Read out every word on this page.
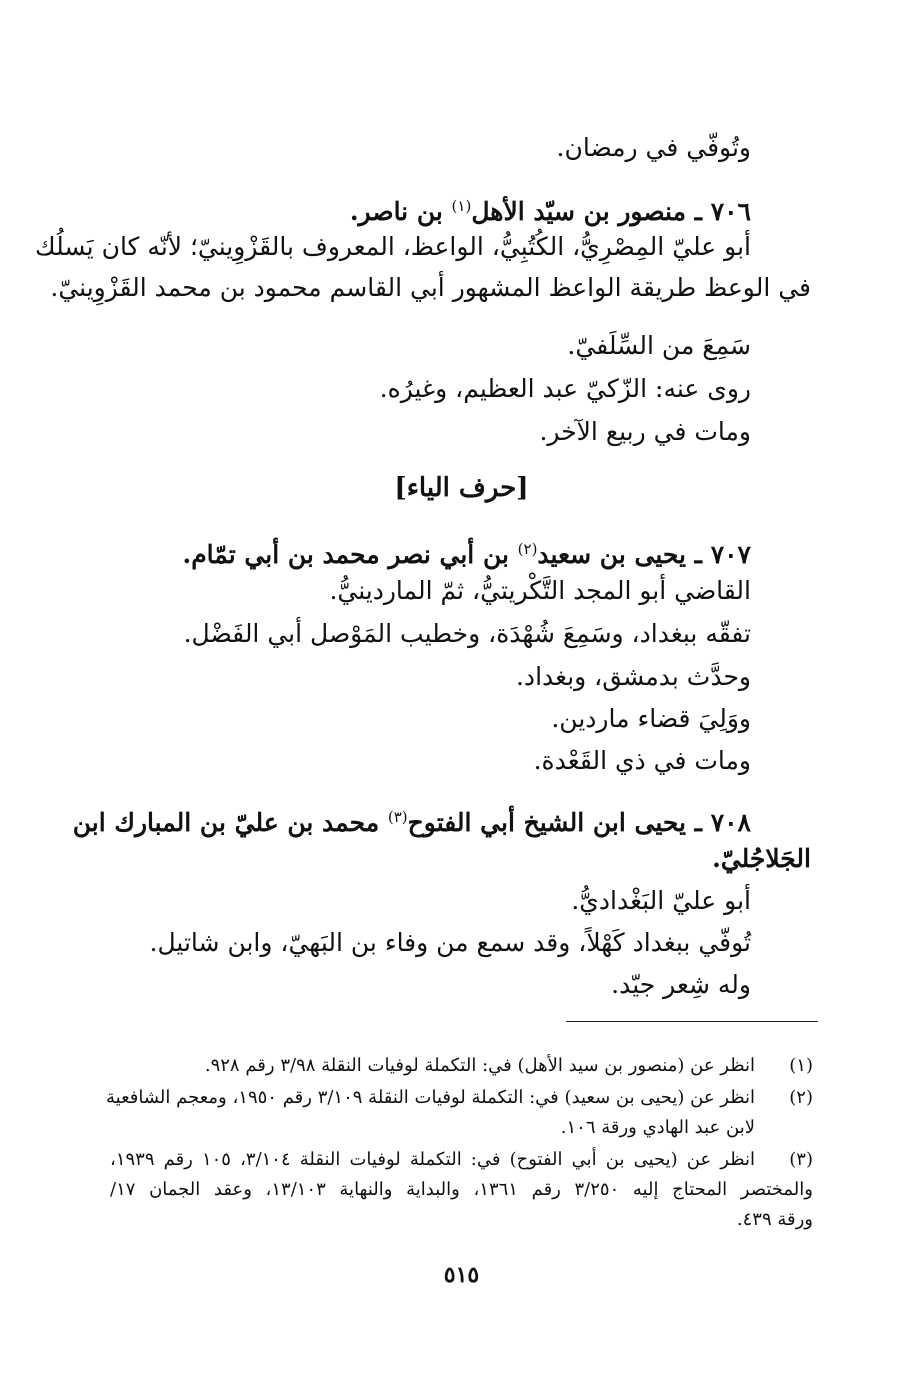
وتُوفّي في رمضان.
٧٠٦ ـ منصور بن سيّد الأهل$^{(١)}$ بن ناصر.
أبو عليّ المِصْرِيُّ، الكُتُبِيُّ، الواعظ، المعروف بالقَزْوِينيّ؛ لأنّه كان يَسلُك
في الوعظ طريقة الواعظ المشهور أبي القاسم محمود بن محمد القَزْوِينيّ.
سَمِعَ من السِّلَفيّ.
روى عنه: الزّكيّ عبد العظيم، وغيرُه.
ومات في ربيع الآخر.
[حرف الياء]
٧٠٧ ـ يحيى بن سعيد$^{(٢)}$ بن أبي نصر محمد بن أبي تمّام.
القاضي أبو المجد التَّكْريتيُّ، ثمّ الماردينيُّ.
تفقّه ببغداد، وسَمِعَ شُهْدَة، وخطيب المَوْصل أبي الفَضْل.
وحدَّث بدمشق، وبغداد.
ووَلِيَ قضاء ماردين.
ومات في ذي القَعْدة.
٧٠٨ ـ يحيى ابن الشيخ أبي الفتوح$^{(٣)}$ محمد بن عليّ بن المبارك ابن
الجَلاجُليّ.
أبو عليّ البَغْداديُّ.
تُوفّي ببغداد كَهْلاً، وقد سمع من وفاء بن البَهيّ، وابن شاتيل.
وله شِعر جيّد.
(١)
انظر عن (منصور بن سيد الأهل) في: التكملة لوفيات النقلة ٣/٩٨ رقم ٩٢٨.
(٢)
انظر عن (يحيى بن سعيد) في: التكملة لوفيات النقلة ٣/١٠٩ رقم ١٩٥٠، ومعجم الشافعية
لابن عبد الهادي ورقة ١٠٦.
(٣)
انظر عن (يحيى بن أبي الفتوح) في: التكملة لوفيات النقلة ٣/١٠٤، ١٠٥ رقم ١٩٣٩،
والمختصر المحتاج إليه ٣/٢٥٠ رقم ١٣٦١، والبداية والنهاية ١٣/١٠٣، وعقد الجمان ١٧/
ورقة ٤٣٩.
٥١٥
